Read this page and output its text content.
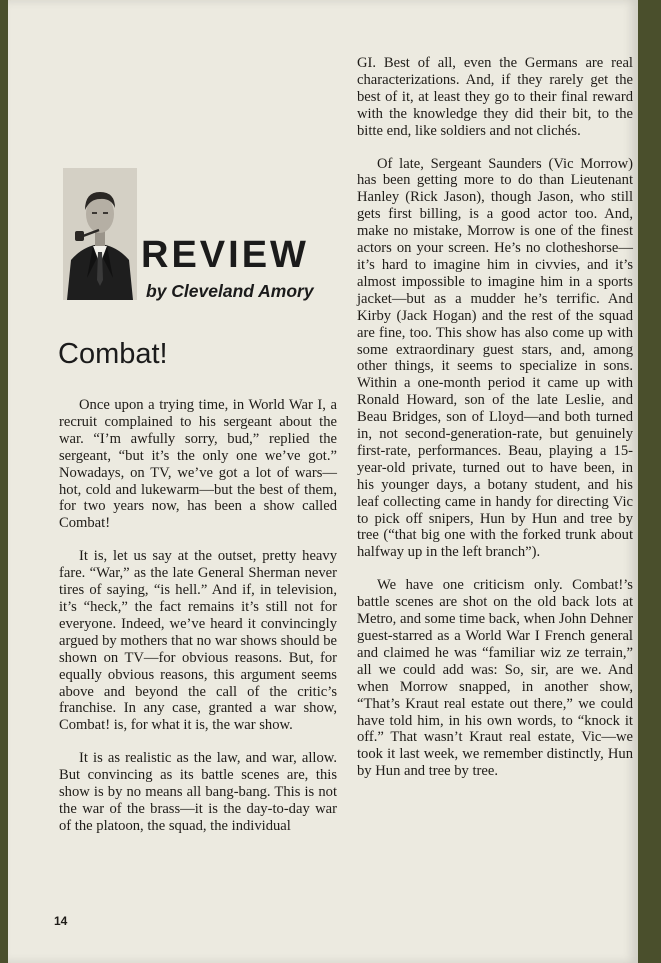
REVIEW
by Cleveland Amory
Combat!

Once upon a trying time, in World War I, a recruit complained to his sergeant about the war. “I’m awfully sorry, bud,” replied the sergeant, “but it’s the only one we’ve got.” Nowadays, on TV, we’ve got a lot of wars—hot, cold and lukewarm—but the best of them, for two years now, has been a show called Combat!

It is, let us say at the outset, pretty heavy fare. “War,” as the late General Sherman never tires of saying, “is hell.” And if, in television, it’s “heck,” the fact remains it’s still not for everyone. Indeed, we’ve heard it convincingly argued by mothers that no war shows should be shown on TV—for obvious reasons. But, for equally obvious reasons, this argument seems above and beyond the call of the critic’s franchise. In any case, granted a war show, Combat! is, for what it is, the war show.

It is as realistic as the law, and war, allow. But convincing as its battle scenes are, this show is by no means all bang-bang. This is not the war of the brass—it is the day-to-day war of the platoon, the squad, the individual

GI. Best of all, even the Germans are real characterizations. And, if they rarely get the best of it, at least they go to their final reward with the knowledge they did their bit, to the bitte end, like soldiers and not clichés.

Of late, Sergeant Saunders (Vic Morrow) has been getting more to do than Lieutenant Hanley (Rick Jason), though Jason, who still gets first billing, is a good actor too. And, make no mistake, Morrow is one of the finest actors on your screen. He’s no clotheshorse—it’s hard to imagine him in civvies, and it’s almost impossible to imagine him in a sports jacket—but as a mudder he’s terrific. And Kirby (Jack Hogan) and the rest of the squad are fine, too. This show has also come up with some extraordinary guest stars, and, among other things, it seems to specialize in sons. Within a one-month period it came up with Ronald Howard, son of the late Leslie, and Beau Bridges, son of Lloyd—and both turned in, not second-generation-rate, but genuinely first-rate, performances. Beau, playing a 15-year-old private, turned out to have been, in his younger days, a botany student, and his leaf collecting came in handy for directing Vic to pick off snipers, Hun by Hun and tree by tree (“that big one with the forked trunk about halfway up in the left branch”).

We have one criticism only. Combat!’s battle scenes are shot on the old back lots at Metro, and some time back, when John Dehner guest-starred as a World War I French general and claimed he was “familiar wiz ze terrain,” all we could add was: So, sir, are we. And when Morrow snapped, in another show, “That’s Kraut real estate out there,” we could have told him, in his own words, to “knock it off.” That wasn’t Kraut real estate, Vic—we took it last week, we remember distinctly, Hun by Hun and tree by tree.

14
